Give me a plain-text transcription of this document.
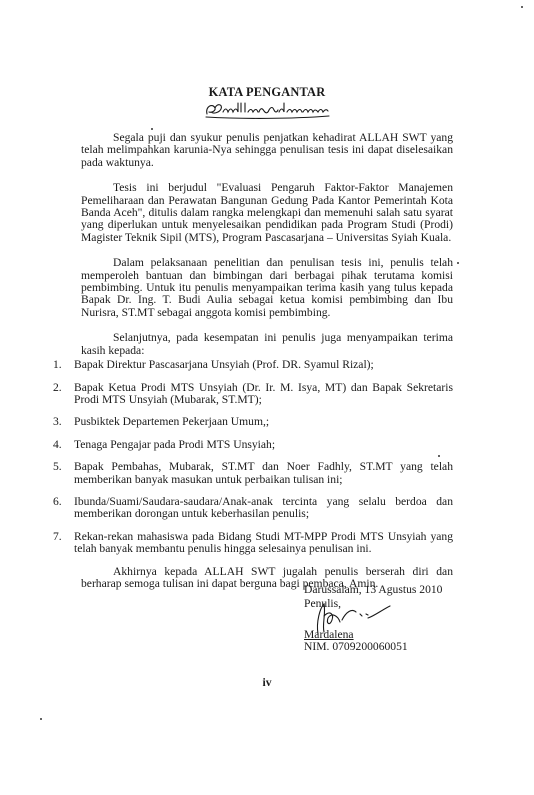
KATA PENGANTAR

Segala puji dan syukur penulis penjatkan kehadirat ALLAH SWT yang telah melimpahkan karunia-Nya sehingga penulisan tesis ini dapat diselesaikan pada waktunya.

Tesis ini berjudul "Evaluasi Pengaruh Faktor-Faktor Manajemen Pemeliharaan dan Perawatan Bangunan Gedung Pada Kantor Pemerintah Kota Banda Aceh", ditulis dalam rangka melengkapi dan memenuhi salah satu syarat yang diperlukan untuk menyelesaikan pendidikan pada Program Studi (Prodi) Magister Teknik Sipil (MTS), Program Pascasarjana – Universitas Syiah Kuala.

Dalam pelaksanaan penelitian dan penulisan tesis ini, penulis telah memperoleh bantuan dan bimbingan dari berbagai pihak terutama komisi pembimbing. Untuk itu penulis menyampaikan terima kasih yang tulus kepada Bapak Dr. Ing. T. Budi Aulia sebagai ketua komisi pembimbing dan Ibu Nurisra, ST.MT sebagai anggota komisi pembimbing.

Selanjutnya, pada kesempatan ini penulis juga menyampaikan terima kasih kepada:

1. Bapak Direktur Pascasarjana Unsyiah (Prof. DR. Syamul Rizal);
2. Bapak Ketua Prodi MTS Unsyiah (Dr. Ir. M. Isya, MT) dan Bapak Sekretaris Prodi MTS Unsyiah (Mubarak, ST.MT);
3. Pusbiktek Departemen Pekerjaan Umum,;
4. Tenaga Pengajar pada Prodi MTS Unsyiah;
5. Bapak Pembahas, Mubarak, ST.MT dan Noer Fadhly, ST.MT yang telah memberikan banyak masukan untuk perbaikan tulisan ini;
6. Ibunda/Suami/Saudara-saudara/Anak-anak tercinta yang selalu berdoa dan memberikan dorongan untuk keberhasilan penulis;
7. Rekan-rekan mahasiswa pada Bidang Studi MT-MPP Prodi MTS Unsyiah yang telah banyak membantu penulis hingga selesainya penulisan ini.

Akhirnya kepada ALLAH SWT jugalah penulis berserah diri dan berharap semoga tulisan ini dapat berguna bagi pembaca, Amin.

Darussalam, 13 Agustus 2010
Penulis,
Mardalena
NIM. 0709200060051
iv
